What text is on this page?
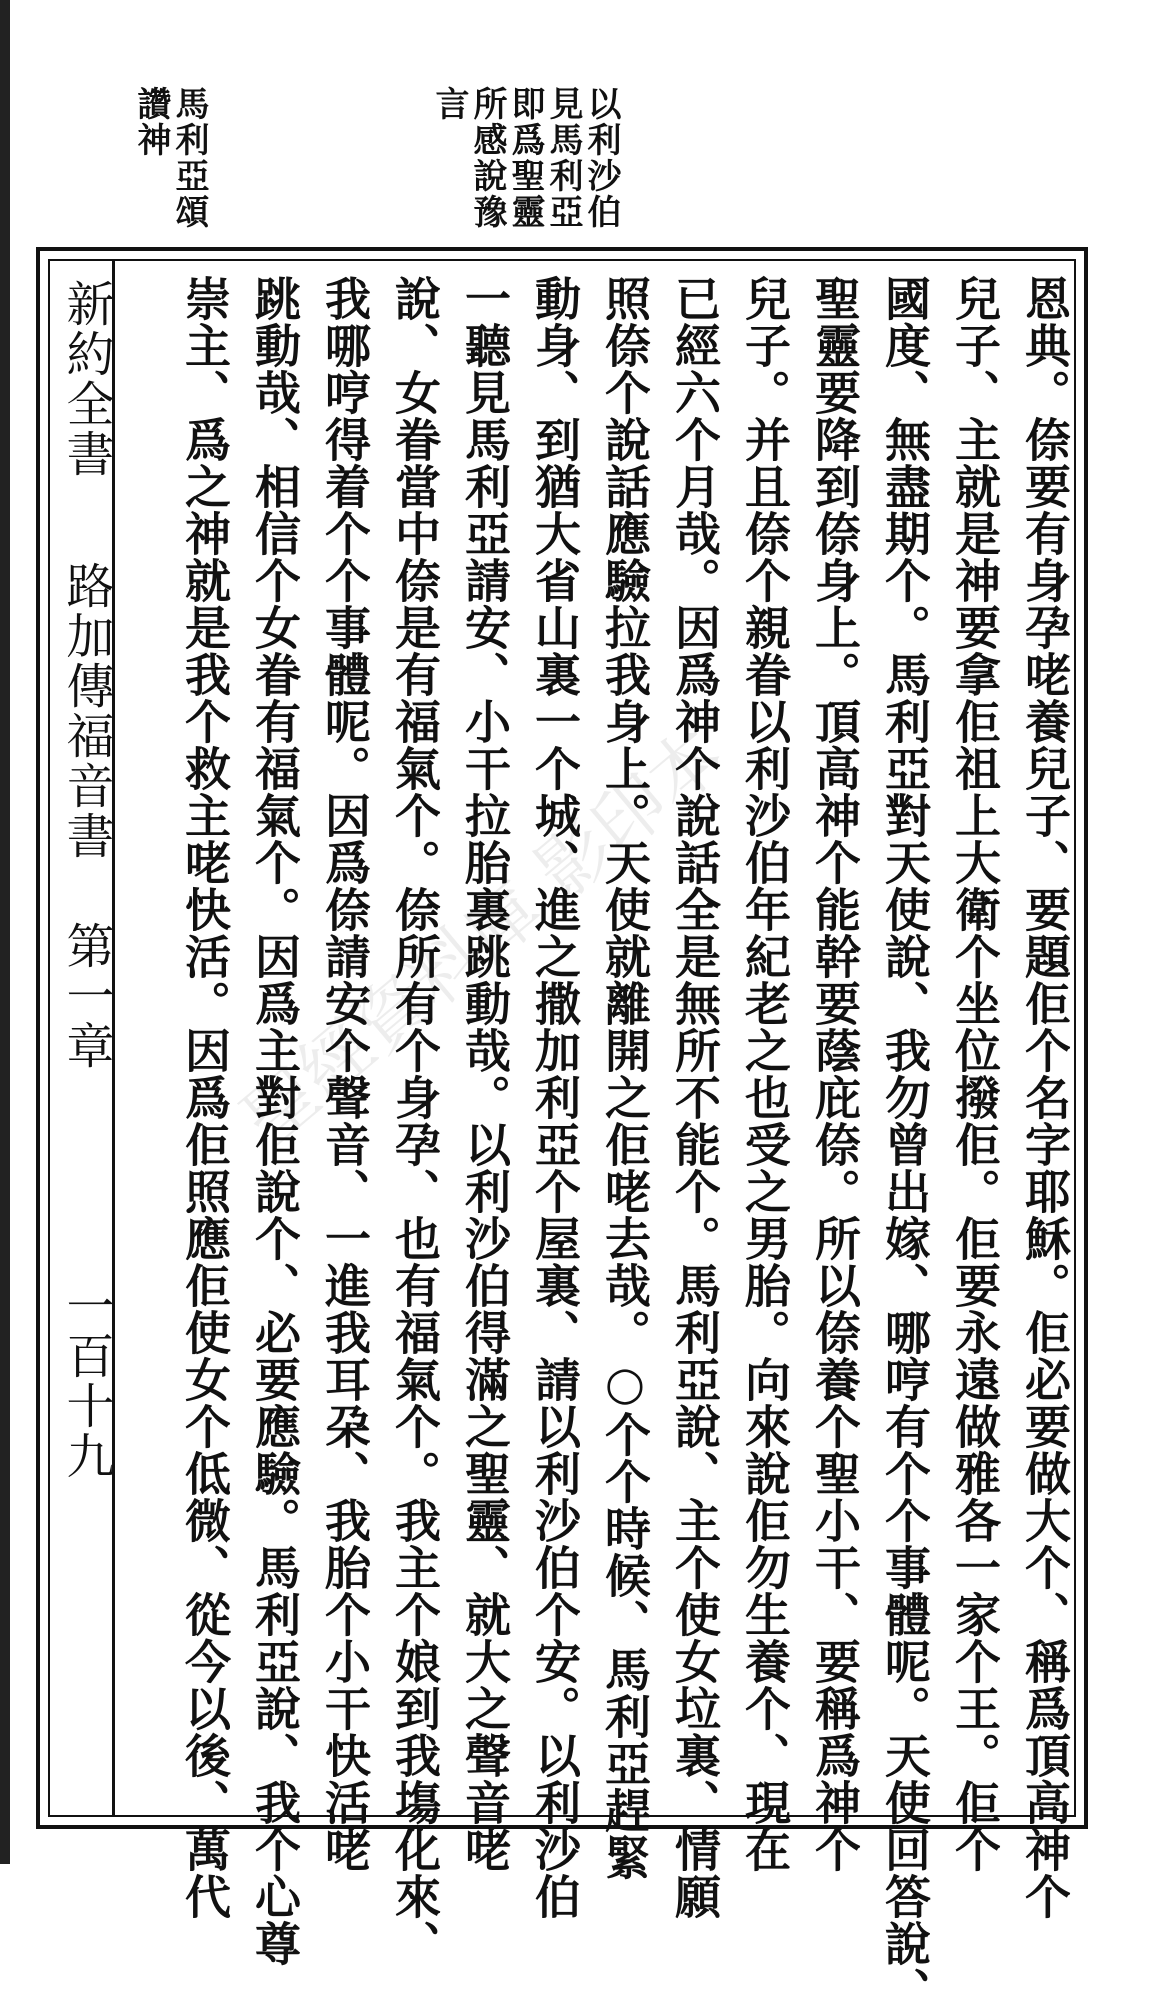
以利沙伯
見馬利亞
即爲聖靈
所感說豫
言
馬利亞頌
讚神
新約全書
路加傳福音書
第一章
一百十九	恩典。倷要有身孕咾養兒子、要題佢个名字耶穌。佢必要做大个、稱爲頂高神个
兒子、主就是神要拿佢祖上大衛个坐位撥佢。佢要永遠做雅各一家个王。佢个
國度、無盡期个。馬利亞對天使說、我勿曾出嫁、哪哼有个个事體呢。天使回答說、
聖靈要降到倷身上。頂高神个能幹要蔭庇倷。所以倷養个聖小干、要稱爲神个
兒子。并且倷个親眷以利沙伯年紀老之也受之男胎。向來說佢勿生養个、現在
已經六个月哉。因爲神个說話全是無所不能个。馬利亞說、主个使女垃裏、情願
照倷个說話應驗拉我身上。天使就離開之佢咾去哉。○个个時候、馬利亞趕緊
動身、到猶大省山裏一个城、進之撒加利亞个屋裏、請以利沙伯个安。以利沙伯
一聽見馬利亞請安、小干拉胎裏跳動哉。以利沙伯得滿之聖靈、就大之聲音咾
說、女眷當中倷是有福氣个。倷所有个身孕、也有福氣个。我主个娘到我塲化來、
我哪哼得着个个事體呢。因爲倷請安个聲音、一進我耳朶、我胎个小干快活咾
跳動哉、相信个女眷有福氣个。因爲主對佢說个、必要應驗。馬利亞說、我个心尊
崇主、爲之神就是我个救主咾快活。因爲佢照應佢使女个低微、從今以後、萬代
聖經資料庫 影印本
